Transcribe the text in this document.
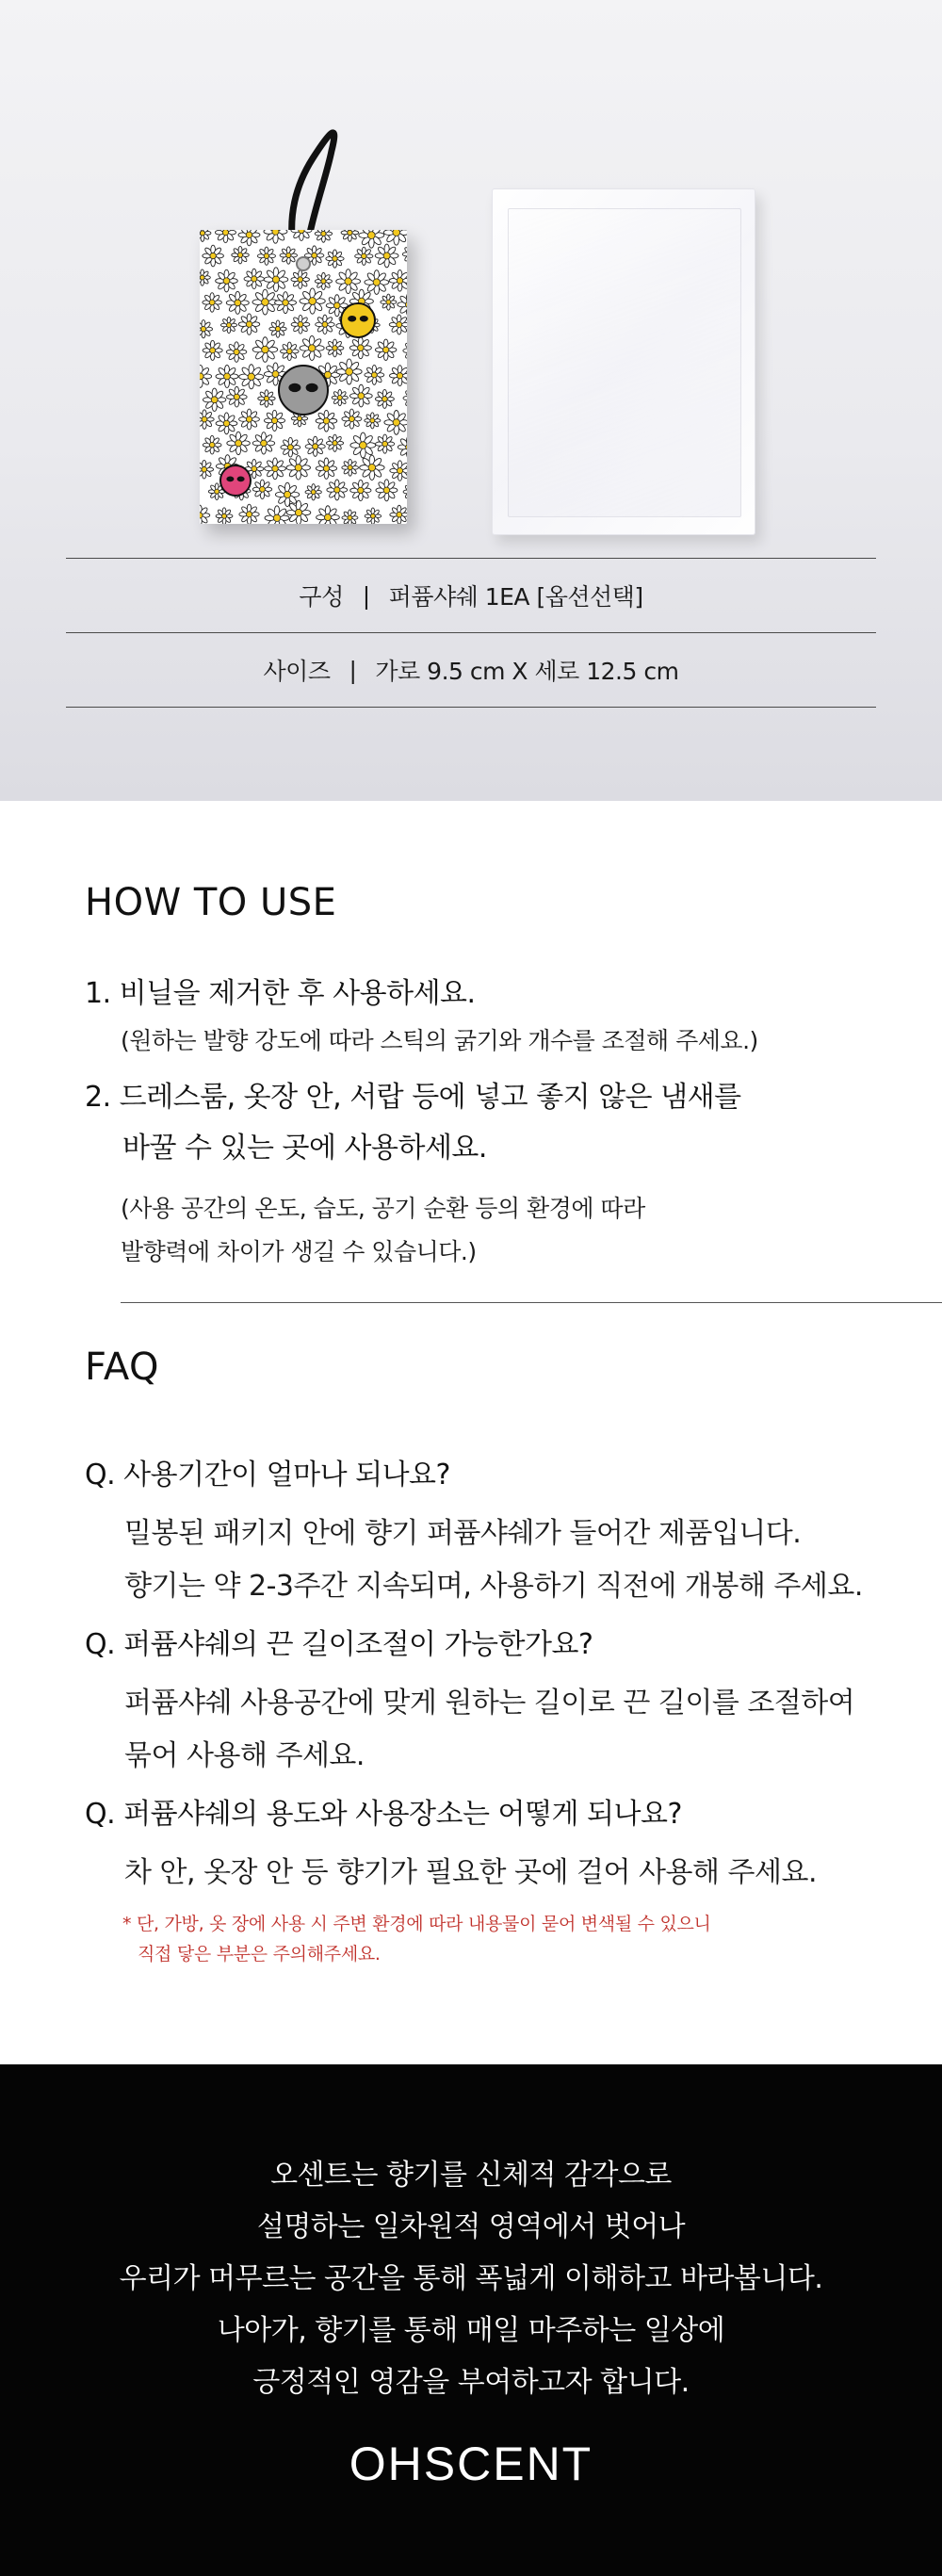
구성 | 퍼퓸샤쉐 1EA [옵션선택]
사이즈 | 가로 9.5 cm X 세로 12.5 cm
HOW TO USE
1. 비닐을 제거한 후 사용하세요.
(원하는 발향 강도에 따라 스틱의 굵기와 개수를 조절해 주세요.)
2. 드레스룸, 옷장 안, 서랍 등에 넣고 좋지 않은 냄새를
바꿀 수 있는 곳에 사용하세요.
(사용 공간의 온도, 습도, 공기 순환 등의 환경에 따라
발향력에 차이가 생길 수 있습니다.)
FAQ
Q. 사용기간이 얼마나 되나요?
밀봉된 패키지 안에 향기 퍼퓸샤쉐가 들어간 제품입니다.
향기는 약 2-3주간 지속되며, 사용하기 직전에 개봉해 주세요.
Q. 퍼퓸샤쉐의 끈 길이조절이 가능한가요?
퍼퓸샤쉐 사용공간에 맞게 원하는 길이로 끈 길이를 조절하여
묶어 사용해 주세요.
Q. 퍼퓸샤쉐의 용도와 사용장소는 어떻게 되나요?
차 안, 옷장 안 등 향기가 필요한 곳에 걸어 사용해 주세요.
* 단, 가방, 옷 장에 사용 시 주변 환경에 따라 내용물이 묻어 변색될 수 있으니
직접 닿은 부분은 주의해주세요.
오센트는 향기를 신체적 감각으로
설명하는 일차원적 영역에서 벗어나
우리가 머무르는 공간을 통해 폭넓게 이해하고 바라봅니다.
나아가, 향기를 통해 매일 마주하는 일상에
긍정적인 영감을 부여하고자 합니다.
OHSCENT
